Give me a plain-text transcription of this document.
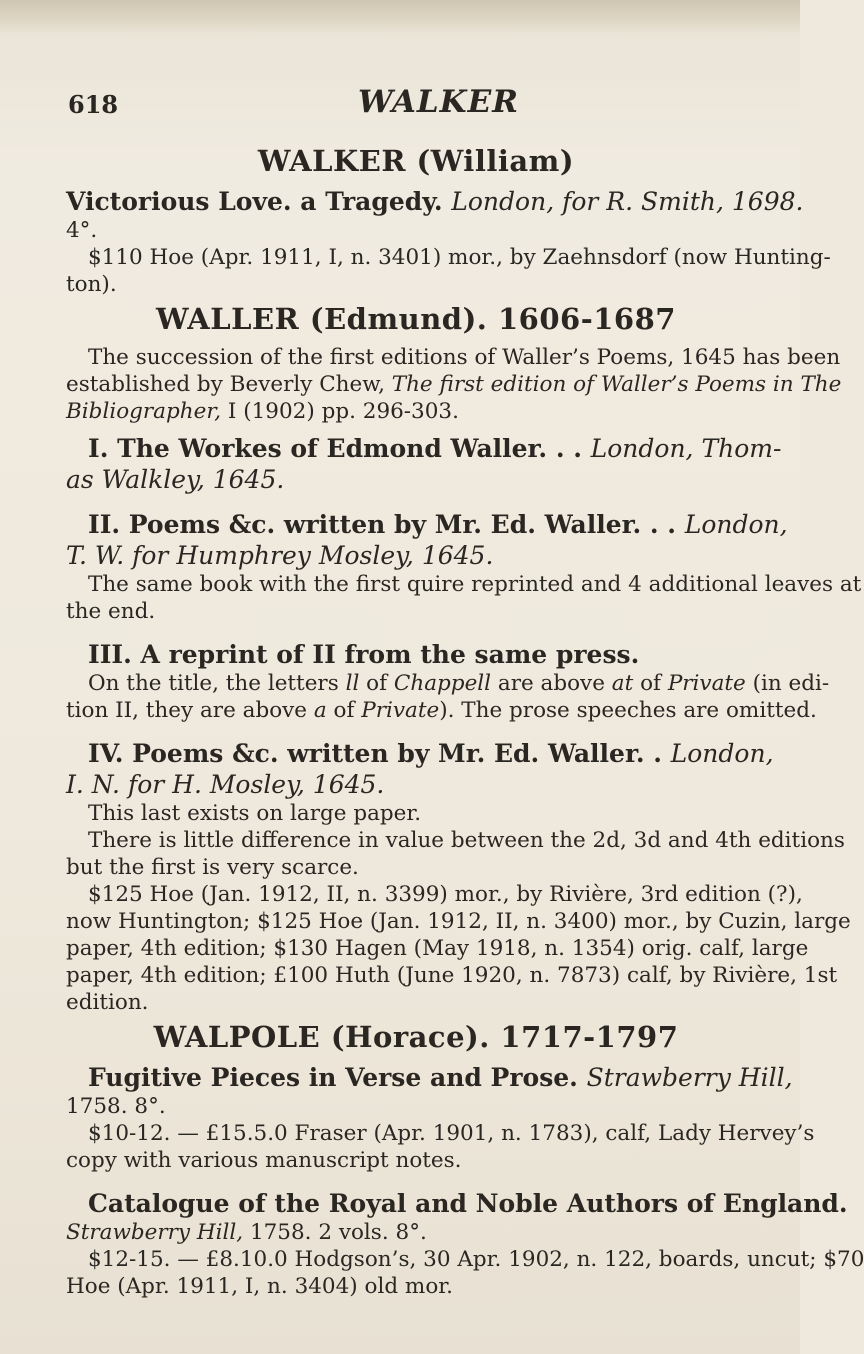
618	WALKER
WALKER (William)
Victorious Love. a Tragedy. London, for R. Smith, 1698.
4°.
$110 Hoe (Apr. 1911, I, n. 3401) mor., by Zaehnsdorf (now Hunting-
ton).
WALLER (Edmund). 1606-1687
The succession of the first editions of Waller’s Poems, 1645 has been
established by Beverly Chew, The first edition of Waller’s Poems in The
Bibliographer, I (1902) pp. 296-303.
I. The Workes of Edmond Waller. . . London, Thom-
as Walkley, 1645.
II. Poems &c. written by Mr. Ed. Waller. . . London,
T. W. for Humphrey Mosley, 1645.
The same book with the first quire reprinted and 4 additional leaves at
the end.
III. A reprint of II from the same press.
On the title, the letters ll of Chappell are above at of Private (in edi-
tion II, they are above a of Private). The prose speeches are omitted.
IV. Poems &c. written by Mr. Ed. Waller. . London,
I. N. for H. Mosley, 1645.
This last exists on large paper.
There is little difference in value between the 2d, 3d and 4th editions
but the first is very scarce.
$125 Hoe (Jan. 1912, II, n. 3399) mor., by Rivière, 3rd edition (?),
now Huntington; $125 Hoe (Jan. 1912, II, n. 3400) mor., by Cuzin, large
paper, 4th edition; $130 Hagen (May 1918, n. 1354) orig. calf, large
paper, 4th edition; £100 Huth (June 1920, n. 7873) calf, by Rivière, 1st
edition.
WALPOLE (Horace). 1717-1797
Fugitive Pieces in Verse and Prose. Strawberry Hill,
1758. 8°.
$10-12. — £15.5.0 Fraser (Apr. 1901, n. 1783), calf, Lady Hervey’s
copy with various manuscript notes.
Catalogue of the Royal and Noble Authors of England.
Strawberry Hill, 1758. 2 vols. 8°.
$12-15. — £8.10.0 Hodgson’s, 30 Apr. 1902, n. 122, boards, uncut; $70
Hoe (Apr. 1911, I, n. 3404) old mor.
